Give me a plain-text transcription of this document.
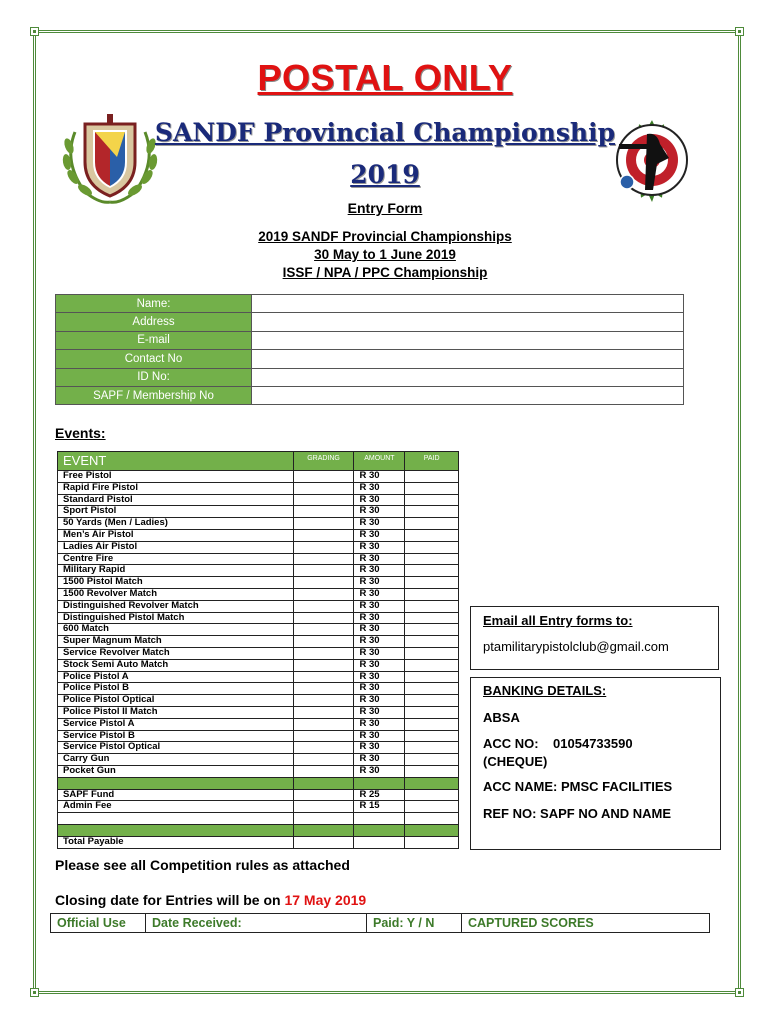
POSTAL ONLY
SANDF Provincial Championship
2019
Entry Form
2019 SANDF Provincial Championships
30 May to 1 June 2019
ISSF / NPA / PPC Championship
Name:	
Address	
E-mail	
Contact No	
ID No:	
SAPF / Membership No	
Events:
EVENT	GRADING	AMOUNT	PAID
Free Pistol		R 30	
Rapid Fire Pistol		R 30	
Standard Pistol		R 30	
Sport Pistol		R 30	
50 Yards (Men / Ladies)		R 30	
Men’s Air Pistol		R 30	
Ladies Air Pistol		R 30	
Centre Fire		R 30	
Military Rapid		R 30	
1500 Pistol Match		R 30	
1500 Revolver Match		R 30	
Distinguished Revolver Match		R 30	
Distinguished Pistol Match		R 30	
600 Match		R 30	
Super Magnum Match		R 30	
Service Revolver Match		R 30	
Stock Semi Auto Match		R 30	
Police Pistol A		R 30	
Police Pistol B		R 30	
Police Pistol Optical		R 30	
Police Pistol II Match		R 30	
Service Pistol A		R 30	
Service Pistol B		R 30	
Service Pistol Optical		R 30	
Carry Gun		R 30	
Pocket Gun		R 30	

SAPF Fund		R 25	
Admin Fee		R 15	

Total Payable			
Email all Entry forms to:
ptamilitarypistolclub@gmail.com
BANKING DETAILS:
ABSA
ACC NO:    01054733590
(CHEQUE)
ACC NAME: PMSC FACILITIES
REF NO: SAPF NO AND NAME
Please see all Competition rules as attached
Closing date for Entries will be on 17 May 2019
Official Use	Date Received:	Paid: Y / N	CAPTURED SCORES
